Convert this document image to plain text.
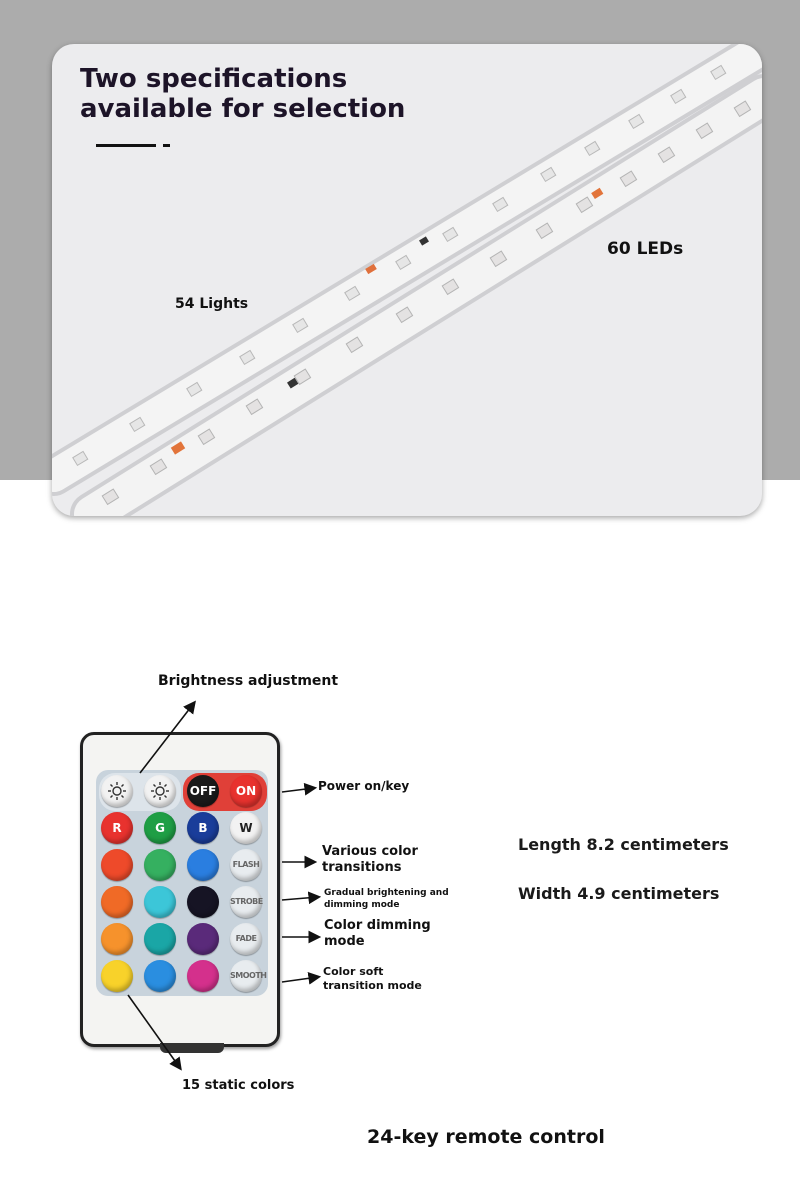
Two specifications available for selection
54 Lights
60 LEDs
OFF	ON
R	G	B	W
FLASH
STROBE
FADE
SMOOTH
Brightness adjustment
Power on/key
Various color transitions
Gradual brightening and dimming mode
Color dimming mode
Color soft transition mode
15 static colors
Length 8.2 centimeters
Width 4.9 centimeters
24-key remote control
